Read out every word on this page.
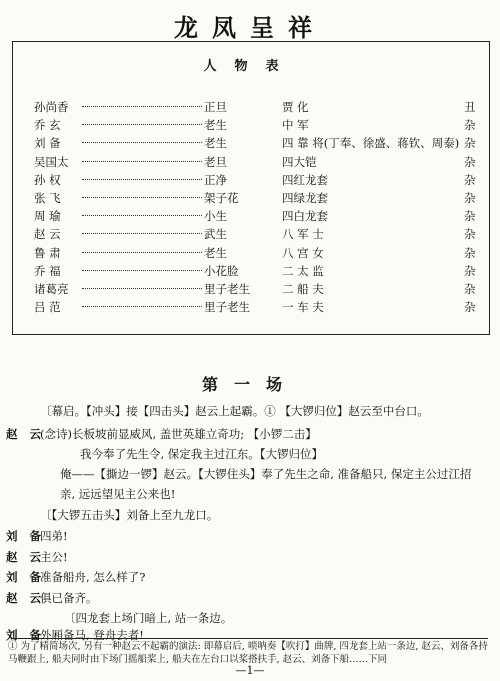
龙凤呈祥
人物表
孙尚香	正旦	贾 化	丑
乔 玄	老生	中 军	杂
刘 备	老生	四 靠 将(丁奉、徐盛、蒋钦、周泰) 杂
吴国太	老旦	四大铠	杂
孙 权	正净	四红龙套	杂
张 飞	架子花	四绿龙套	杂
周 瑜	小生	四白龙套	杂
赵 云	武生	八 军 士	杂
鲁 肃	老生	八 宫 女	杂
乔 福	小花脸	二 太 监	杂
诸葛亮	里子老生	二 船 夫	杂
吕 范	里子老生	一 车 夫	杂
第一场
〔幕启。【冲头】接【四击头】赵云上起霸。① 【大锣归位】赵云至中台口。
赵 云
(念诗)长板坡前显威风, 盖世英雄立奇功; 【小锣二击】
我今奉了先生令, 保定我主过江东。【大锣归位】
俺——【撕边一锣】赵云。【大锣住头】奉了先生之命, 准备船只, 保定主公过江招
亲, 远远望见主公来也!
〔【大锣五击头】刘备上至九龙口。
刘 备
四弟!
赵 云
主公!
刘 备
准备船舟, 怎么样了?
赵 云
俱已备齐。
〔四龙套上场门暗上, 站一条边。
刘 备
外厢备马, 登舟去者!
① 为了精简场次, 另有一种赵云不起霸的演法: 即幕启后, 唢呐奏【吹打】曲牌, 四龙套上站一条边, 赵云、刘备各持
马鞭跟上, 船夫同时由下场门摇船桨上, 船夫在左台口以桨搭扶手, 赵云、刘备下船……下同
—1—
